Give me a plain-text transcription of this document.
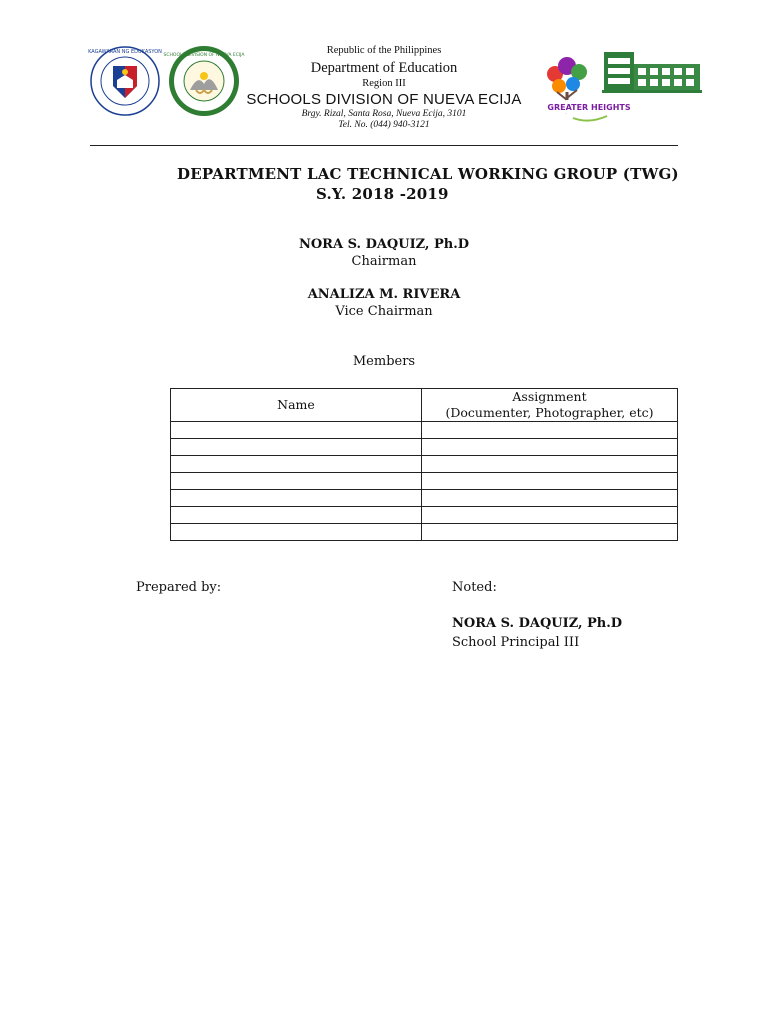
KAGAWARAN NG EDUKASYON
SCHOOLS DIVISION OF NUEVA ECIJA
GREATER HEIGHTS
Republic of the Philippines
Department of Education
Region III
SCHOOLS DIVISION OF NUEVA ECIJA
Brgy. Rizal, Santa Rosa, Nueva Ecija, 3101
Tel. No. (044) 940-3121
DEPARTMENT LAC TECHNICAL WORKING GROUP (TWG)
S.Y. 2018 -2019
NORA S. DAQUIZ, Ph.D
Chairman
ANALIZA M. RIVERA
Vice Chairman
Members
Name	Assignment
(Documenter, Photographer, etc)

Prepared by:	Noted:
NORA S. DAQUIZ, Ph.D
School Principal III
